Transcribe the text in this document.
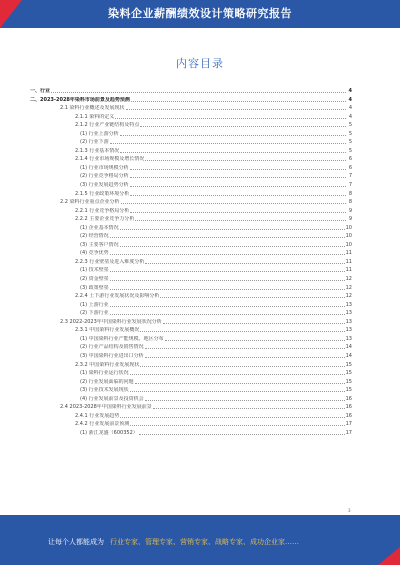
染料企业薪酬绩效设计策略研究报告
内容目录
一、行业	4
二、2023-2028年染料市场前景及趋势预测	4
2.1 染料行业概述及发展现状	4
2.1.1 染料的定义	4
2.1.2 行业产业链结构及特点	5
(1) 行业上游分析	5
(2) 行业下游	5
2.1.3 行业基本情况	5
2.1.4 行业市场规模及增长情况	6
(1) 行业市场规模分析	6
(2) 行业竞争格局分析	7
(3) 行业发展趋势分析	7
2.1.5 行业政策环境分析	8
2.2 染料行业重点企业分析	8
2.2.1 行业竞争格局分析	9
2.2.2 主要企业竞争力分析	9
(1) 企业基本情况	10
(2) 经营情况	10
(3) 主要客户情况	10
(4) 竞争优势	11
2.2.3 行业壁垒及进入难度分析	11
(1) 技术壁垒	11
(2) 资金壁垒	12
(3) 政策壁垒	12
2.2.4 上下游行业发展状况及影响分析	12
(1) 上游行业	13
(2) 下游行业	13
2.3 2022-2023年中国染料行业发展状况分析	13
2.3.1 中国染料行业发展概况	13
(1) 中国染料行业产能规模、地区分布	13
(2) 行业产品结构及销售情况	14
(3) 中国染料行业进出口分析	14
2.3.2 中国染料行业发展现状	15
(1) 染料行业运行状况	15
(2) 行业发展面临的问题	15
(3) 行业技术发展现状	15
(4) 行业发展前景及投资机会	16
2.4 2023-2028年中国染料行业发展前景	16
2.4.1 行业发展趋势	16
2.4.2 行业发展前景预测	17
(1) 浙江龙盛（600352）	17
3
让每个人都能成为 行业专家、管理专家、营销专家、战略专家、成功企业家……
